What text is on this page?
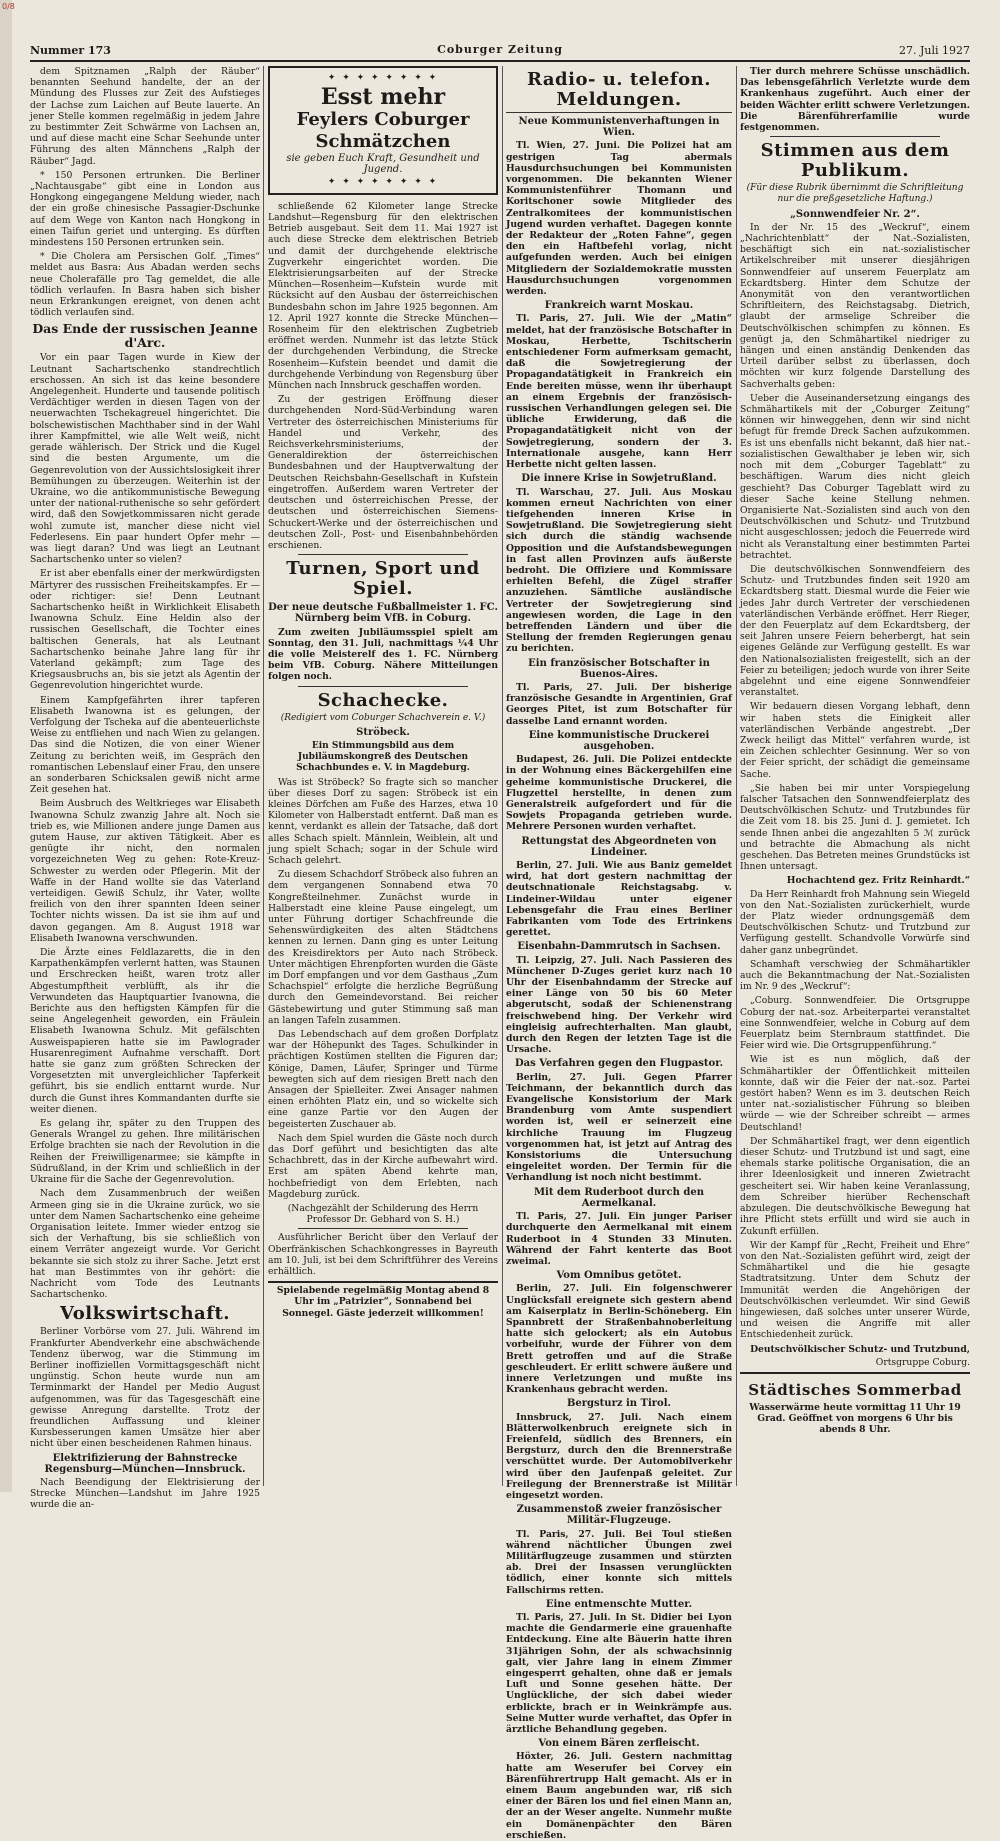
0/8
Nummer 173	Coburger Zeitung	27. Juli 1927

dem Spitznamen „Ralph der Räuber“ benannten Seehund handelte, der an der Mündung des Flusses zur Zeit des Aufstieges der Lachse zum Laichen auf Beute lauerte. An jener Stelle kommen regelmäßig in jedem Jahre zu bestimmter Zeit Schwärme von Lachsen an, und auf diese macht eine Schar Seehunde unter Führung des alten Männchens „Ralph der Räuber“ Jagd.

* 150 Personen ertrunken. Die Berliner „Nachtausgabe“ gibt eine in London aus Hongkong eingegangene Meldung wieder, nach der ein große chinesische Passagier-Dschunke auf dem Wege von Kanton nach Hongkong in einen Taifun geriet und unterging. Es dürften mindestens 150 Personen ertrunken sein.

* Die Cholera am Persischen Golf. „Times“ meldet aus Basra: Aus Abadan werden sechs neue Cholerafälle pro Tag gemeldet, die alle tödlich verlaufen. In Basra haben sich bisher neun Erkrankungen ereignet, von denen acht tödlich verlaufen sind.

Das Ende der russischen Jeanne d'Arc.

Vor ein paar Tagen wurde in Kiew der Leutnant Sachartschenko standrechtlich erschossen. An sich ist das keine besondere Angelegenheit. Hunderte und tausende politisch Verdächtiger werden in diesen Tagen von der neuerwachten Tschekagreuel hingerichtet. Die bolschewistischen Machthaber sind in der Wahl ihrer Kampfmittel, wie alle Welt weiß, nicht gerade wählerisch. Der Strick und die Kugel sind die besten Argumente, um die Gegenrevolution von der Aussichtslosigkeit ihrer Bemühungen zu überzeugen. Weiterhin ist der Ukraine, wo die antikommunistische Bewegung unter der national-ruthenische so sehr gefördert wird, daß den Sowjetkommissaren nicht gerade wohl zumute ist, mancher diese nicht viel Federlesens. Ein paar hundert Opfer mehr — was liegt daran? Und was liegt an Leutnant Sachartschenko unter so vielen?

Er ist aber ebenfalls einer der merkwürdigsten Märtyrer des russischen Freiheitskampfes. Er — oder richtiger: sie! Denn Leutnant Sachartschenko heißt in Wirklichkeit Elisabeth Iwanowna Schulz. Eine Heldin also der russischen Gesellschaft, die Tochter eines baltischen Generals, hat als Leutnant Sachartschenko beinahe Jahre lang für ihr Vaterland gekämpft; zum Tage des Kriegsausbruchs an, bis sie jetzt als Agentin der Gegenrevolution hingerichtet wurde.

Einem Kampfgefährten ihrer tapferen Elisabeth Iwanowna ist es gelungen, der Verfolgung der Tscheka auf die abenteuerlichste Weise zu entfliehen und nach Wien zu gelangen. Das sind die Notizen, die von einer Wiener Zeitung zu berichten weiß, im Gespräch den romantischen Lebenslauf einer Frau, den unsere an sonderbaren Schicksalen gewiß nicht arme Zeit gesehen hat.

Beim Ausbruch des Weltkrieges war Elisabeth Iwanowna Schulz zwanzig Jahre alt. Noch sie trieb es, wie Millionen andere junge Damen aus gutem Hause, zur aktiven Tätigkeit. Aber es genügte ihr nicht, den normalen vorgezeichneten Weg zu gehen: Rote-Kreuz-Schwester zu werden oder Pflegerin. Mit der Waffe in der Hand wollte sie das Vaterland verteidigen. Gewiß Schulz, ihr Vater, wollte freilich von den ihrer spannten Ideen seiner Tochter nichts wissen. Da ist sie ihm auf und davon gegangen. Am 8. August 1918 war Elisabeth Iwanowna verschwunden.

Die Ärzte eines Feldlazaretts, die in den Karpathenkämpfen verlernt hatten, was Staunen und Erschrecken heißt, waren trotz aller Abgestumpftheit verblüfft, als ihr die Verwundeten das Hauptquartier Ivanowna, die Berichte aus den heftigsten Kämpfen für die seine Angelegenheit geworden, ein Fräulein Elisabeth Iwanowna Schulz. Mit gefälschten Ausweispapieren hatte sie im Pawlograder Husarenregiment Aufnahme verschafft. Dort hatte sie ganz zum größten Schrecken der Vorgesetzten mit unvergleichlicher Tapferkeit geführt, bis sie endlich enttarnt wurde. Nur durch die Gunst ihres Kommandanten durfte sie weiter dienen.

Es gelang ihr, später zu den Truppen des Generals Wrangel zu gehen. Ihre militärischen Erfolge brachten sie nach der Revolution in die Reihen der Freiwilligenarmee; sie kämpfte in Südrußland, in der Krim und schließlich in der Ukraine für die Sache der Gegenrevolution.

Nach dem Zusammenbruch der weißen Armeen ging sie in die Ukraine zurück, wo sie unter dem Namen Sachartschenko eine geheime Organisation leitete. Immer wieder entzog sie sich der Verhaftung, bis sie schließlich von einem Verräter angezeigt wurde. Vor Gericht bekannte sie sich stolz zu ihrer Sache. Jetzt erst hat man Bestimmtes von ihr gehört: die Nachricht vom Tode des Leutnants Sachartschenko.

Volkswirtschaft.

Berliner Vorbörse vom 27. Juli. Während im Frankfurter Abendverkehr eine abschwächende Tendenz überwog, war die Stimmung im Berliner inoffiziellen Vormittagsgeschäft nicht ungünstig. Schon heute wurde nun am Terminmarkt der Handel per Medio August aufgenommen, was für das Tagesgeschäft eine gewisse Anregung darstellte. Trotz der freundlichen Auffassung und kleiner Kursbesserungen kamen Umsätze hier aber nicht über einen bescheidenen Rahmen hinaus.

Elektrifizierung der Bahnstrecke Regensburg—München—Innsbruck.

Nach Beendigung der Elektrisierung der Strecke München—Landshut im Jahre 1925 wurde die an-

✦ ✦ ✦ ✦ ✦ ✦ ✦ ✦
Esst mehr
Feylers Coburger Schmätzchen
sie geben Euch Kraft, Gesundheit und Jugend.
✦ ✦ ✦ ✦ ✦ ✦ ✦ ✦

schließende 62 Kilometer lange Strecke Landshut—Regensburg für den elektrischen Betrieb ausgebaut. Seit dem 11. Mai 1927 ist auch diese Strecke dem elektrischen Betrieb und damit der durchgehende elektrische Zugverkehr eingerichtet worden. Die Elektrisierungsarbeiten auf der Strecke München—Rosenheim—Kufstein wurde mit Rücksicht auf den Ausbau der österreichischen Bundesbahn schon im Jahre 1925 begonnen. Am 12. April 1927 konnte die Strecke München—Rosenheim für den elektrischen Zugbetrieb eröffnet werden. Nunmehr ist das letzte Stück der durchgehenden Verbindung, die Strecke Rosenheim—Kufstein beendet und damit die durchgehende Verbindung von Regensburg über München nach Innsbruck geschaffen worden.

Zu der gestrigen Eröffnung dieser durchgehenden Nord-Süd-Verbindung waren Vertreter des österreichischen Ministeriums für Handel und Verkehr, des Reichsverkehrsministeriums, der Generaldirektion der österreichischen Bundesbahnen und der Hauptverwaltung der Deutschen Reichsbahn-Gesellschaft in Kufstein eingetroffen. Außerdem waren Vertreter der deutschen und österreichischen Presse, der deutschen und österreichischen Siemens-Schuckert-Werke und der österreichischen und deutschen Zoll-, Post- und Eisenbahnbehörden erschienen.

Turnen, Sport und Spiel.
Der neue deutsche Fußballmeister 1. FC. Nürnberg beim VfB. in Coburg.

Zum zweiten Jubiläumsspiel spielt am Sonntag, den 31. Juli, nachmittags ¼4 Uhr die volle Meisterelf des 1. FC. Nürnberg beim VfB. Coburg. Nähere Mitteilungen folgen noch.

Schachecke.
(Redigiert vom Coburger Schachverein e. V.)
Ströbeck.
Ein Stimmungsbild aus dem Jubiläumskongreß des Deutschen Schachbundes e. V. in Magdeburg.

Was ist Ströbeck? So fragte sich so mancher über dieses Dorf zu sagen: Ströbeck ist ein kleines Dörfchen am Fuße des Harzes, etwa 10 Kilometer von Halberstadt entfernt. Daß man es kennt, verdankt es allein der Tatsache, daß dort alles Schach spielt. Männlein, Weiblein, alt und jung spielt Schach; sogar in der Schule wird Schach gelehrt.

Zu diesem Schachdorf Ströbeck also fuhren an dem vergangenen Sonnabend etwa 70 Kongreßteilnehmer. Zunächst wurde in Halberstadt eine kleine Pause eingelegt, um unter Führung dortiger Schachfreunde die Sehenswürdigkeiten des alten Städtchens kennen zu lernen. Dann ging es unter Leitung des Kreisdirektors per Auto nach Ströbeck. Unter mächtigen Ehrenpforten wurden die Gäste im Dorf empfangen und vor dem Gasthaus „Zum Schachspiel“ erfolgte die herzliche Begrüßung durch den Gemeindevorstand. Bei reicher Gästebewirtung und guter Stimmung saß man an langen Tafeln zusammen.

Das Lebendschach auf dem großen Dorfplatz war der Höhepunkt des Tages. Schulkinder in prächtigen Kostümen stellten die Figuren dar; Könige, Damen, Läufer, Springer und Türme bewegten sich auf dem riesigen Brett nach den Ansagen der Spielleiter. Zwei Ansager nahmen einen erhöhten Platz ein, und so wickelte sich eine ganze Partie vor den Augen der begeisterten Zuschauer ab.

Nach dem Spiel wurden die Gäste noch durch das Dorf geführt und besichtigten das alte Schachbrett, das in der Kirche aufbewahrt wird. Erst am späten Abend kehrte man, hochbefriedigt von dem Erlebten, nach Magdeburg zurück.

(Nachgezählt der Schilderung des Herrn Professor Dr. Gebhard von S. H.)

Ausführlicher Bericht über den Verlauf der Oberfränkischen Schachkongresses in Bayreuth am 10. Juli, ist bei dem Schriftführer des Vereins erhältlich.

Spielabende regelmäßig Montag abend 8 Uhr im „Patrizier“, Sonnabend bei Sonnegel. Gäste jederzeit willkommen!

Radio- u. telefon. Meldungen.
Neue Kommunistenverhaftungen in Wien.

Tl. Wien, 27. Juni. Die Polizei hat am gestrigen Tag abermals Hausdurchsuchungen bei Kommunisten vorgenommen. Die bekannten Wiener Kommunistenführer Thomann und Koritschoner sowie Mitglieder des Zentralkomitees der kommunistischen Jugend wurden verhaftet. Dagegen konnte der Redakteur der „Roten Fahne“, gegen den ein Haftbefehl vorlag, nicht aufgefunden werden. Auch bei einigen Mitgliedern der Sozialdemokratie mussten Hausdurchsuchungen vorgenommen werden.

Frankreich warnt Moskau.

Tl. Paris, 27. Juli. Wie der „Matin“ meldet, hat der französische Botschafter in Moskau, Herbette, Tschitscherin entschiedener Form aufmerksam gemacht, daß die Sowjetregierung der Propagandatätigkeit in Frankreich ein Ende bereiten müsse, wenn ihr überhaupt an einem Ergebnis der französisch-russischen Verhandlungen gelegen sei. Die übliche Erwiderung, daß die Propagandatätigkeit nicht von der Sowjetregierung, sondern der 3. Internationale ausgehe, kann Herr Herbette nicht gelten lassen.

Die innere Krise in Sowjetrußland.

Tl. Warschau, 27. Juli. Aus Moskau kommen erneut Nachrichten von einer tiefgehenden inneren Krise in Sowjetrußland. Die Sowjetregierung sieht sich durch die ständig wachsende Opposition und die Aufstandsbewegungen in fast allen Provinzen aufs äußerste bedroht. Die Offiziere und Kommissare erhielten Befehl, die Zügel straffer anzuziehen. Sämtliche ausländische Vertreter der Sowjetregierung sind angewiesen worden, die Lage in den betreffenden Ländern und über die Stellung der fremden Regierungen genau zu berichten.

Ein französischer Botschafter in Buenos-Aires.

Tl. Paris, 27. Juli. Der bisherige französische Gesandte in Argentinien, Graf Georges Pitet, ist zum Botschafter für dasselbe Land ernannt worden.

Eine kommunistische Druckerei ausgehoben.

Budapest, 26. Juli. Die Polizei entdeckte in der Wohnung eines Bäckergehilfen eine geheime kommunistische Druckerei, die Flugzettel herstellte, in denen zum Generalstreik aufgefordert und für die Sowjets Propaganda getrieben wurde. Mehrere Personen wurden verhaftet.

Rettungstat des Abgeordneten von Lindeiner.

Berlin, 27. Juli. Wie aus Baniz gemeldet wird, hat dort gestern nachmittag der deutschnationale Reichstagsabg. v. Lindeiner-Wildau unter eigener Lebensgefahr die Frau eines Berliner Fabrikanten vom Tode des Ertrinkens gerettet.

Eisenbahn-Dammrutsch in Sachsen.

Tl. Leipzig, 27. Juli. Nach Passieren des Münchener D-Zuges geriet kurz nach 10 Uhr der Eisenbahndamm der Strecke auf einer Länge von 50 bis 60 Meter abgerutscht, sodaß der Schienenstrang freischwebend hing. Der Verkehr wird eingleisig aufrechterhalten. Man glaubt, durch den Regen der letzten Tage ist die Ursache.

Das Verfahren gegen den Flugpastor.

Berlin, 27. Juli. Gegen Pfarrer Teichmann, der bekanntlich durch das Evangelische Konsistorium der Mark Brandenburg vom Amte suspendiert worden ist, weil er seinerzeit eine kirchliche Trauung im Flugzeug vorgenommen hat, ist jetzt auf Antrag des Konsistoriums die Untersuchung eingeleitet worden. Der Termin für die Verhandlung ist noch nicht bestimmt.

Mit dem Ruderboot durch den Aermelkanal.

Tl. Paris, 27. Juli. Ein junger Pariser durchquerte den Aermelkanal mit einem Ruderboot in 4 Stunden 33 Minuten. Während der Fahrt kenterte das Boot zweimal.

Vom Omnibus getötet.

Berlin, 27. Juli. Ein folgenschwerer Unglücksfall ereignete sich gestern abend am Kaiserplatz in Berlin-Schöneberg. Ein Spannbrett der Straßenbahnoberleitung hatte sich gelockert; als ein Autobus vorbeifuhr, wurde der Führer von dem Brett getroffen und auf die Straße geschleudert. Er erlitt schwere äußere und innere Verletzungen und mußte ins Krankenhaus gebracht werden.

Bergsturz in Tirol.

Innsbruck, 27. Juli. Nach einem Blätterwolkenbruch ereignete sich in Freienfeld, südlich des Brenners, ein Bergsturz, durch den die Brennerstraße verschüttet wurde. Der Automobilverkehr wird über den Jaufenpaß geleitet. Zur Freilegung der Brennerstraße ist Militär eingesetzt worden.

Zusammenstoß zweier französischer Militär-Flugzeuge.

Tl. Paris, 27. Juli. Bei Toul stießen während nächtlicher Übungen zwei Militärflugzeuge zusammen und stürzten ab. Drei der Insassen verunglückten tödlich, einer konnte sich mittels Fallschirms retten.

Eine entmenschte Mutter.

Tl. Paris, 27. Juli. In St. Didier bei Lyon machte die Gendarmerie eine grauenhafte Entdeckung. Eine alte Bäuerin hatte ihren 31jährigen Sohn, der als schwachsinnig galt, vier Jahre lang in einem Zimmer eingesperrt gehalten, ohne daß er jemals Luft und Sonne gesehen hätte. Der Unglückliche, der sich dabei wieder erblickte, brach er in Weinkrämpfe aus. Seine Mutter wurde verhaftet, das Opfer in ärztliche Behandlung gegeben.

Von einem Bären zerfleischt.

Höxter, 26. Juli. Gestern nachmittag hatte am Weserufer bei Corvey ein Bärenführertrupp Halt gemacht. Als er in einem Baum angebunden war, riß sich einer der Bären los und fiel einen Mann an, der an der Weser angelte. Nunmehr mußte ein Domänenpächter den Bären erschießen.

Tier durch mehrere Schüsse unschädlich. Das lebensgefährlich Verletzte wurde dem Krankenhaus zugeführt. Auch einer der beiden Wächter erlitt schwere Verletzungen. Die Bärenführerfamilie wurde festgenommen.

Stimmen aus dem Publikum.
(Für diese Rubrik übernimmt die Schriftleitung nur die preßgesetzliche Haftung.)
„Sonnwendfeier Nr. 2“.

In der Nr. 15 des „Weckruf“, einem „Nachrichtenblatt“ der Nat.-Sozialisten, beschäftigt sich ein nat.-sozialistischer Artikelschreiber mit unserer diesjährigen Sonnwendfeier auf unserem Feuerplatz am Eckardtsberg. Hinter dem Schutze der Anonymität von den verantwortlichen Schriftleitern, des Reichstagsabg. Dietrich, glaubt der armselige Schreiber die Deutschvölkischen schimpfen zu können. Es genügt ja, den Schmähartikel niedriger zu hängen und einen anständig Denkenden das Urteil darüber selbst zu überlassen, doch möchten wir kurz folgende Darstellung des Sachverhalts geben:

Ueber die Auseinandersetzung eingangs des Schmähartikels mit der „Coburger Zeitung“ können wir hinweggehen, denn wir sind nicht befugt für fremde Dreck Sachen aufzukommen. Es ist uns ebenfalls nicht bekannt, daß hier nat.-sozialistischen Gewalthaber je leben wir, sich noch mit dem „Coburger Tageblatt“ zu beschäftigen. Warum dies nicht gleich geschieht? Das Coburger Tageblatt wird zu dieser Sache keine Stellung nehmen. Organisierte Nat.-Sozialisten sind auch von den Deutschvölkischen und Schutz- und Trutzbund nicht ausgeschlossen; jedoch die Feuerrede wird nicht als Veranstaltung einer bestimmten Partei betrachtet.

Die deutschvölkischen Sonnwendfeiern des Schutz- und Trutzbundes finden seit 1920 am Eckardtsberg statt. Diesmal wurde die Feier wie jedes Jahr durch Vertreter der verschiedenen vaterländischen Verbände eröffnet. Herr Rieger, der den Feuerplatz auf dem Eckardtsberg, der seit Jahren unsere Feiern beherbergt, hat sein eigenes Gelände zur Verfügung gestellt. Es war den Nationalsozialisten freigestellt, sich an der Feier zu beteiligen; jedoch wurde von ihrer Seite abgelehnt und eine eigene Sonnwendfeier veranstaltet.

Wir bedauern diesen Vorgang lebhaft, denn wir haben stets die Einigkeit aller vaterländischen Verbände angestrebt. „Der Zweck heiligt das Mittel“ verfahren wurde, ist ein Zeichen schlechter Gesinnung. Wer so von der Feier spricht, der schädigt die gemeinsame Sache.

„Sie haben bei mir unter Vorspiegelung falscher Tatsachen den Sonnwendfeierplatz des Deutschvölkischen Schutz- und Trutzbundes für die Zeit vom 18. bis 25. Juni d. J. gemietet. Ich sende Ihnen anbei die angezahlten 5 ℳ zurück und betrachte die Abmachung als nicht geschehen. Das Betreten meines Grundstücks ist Ihnen untersagt.

Hochachtend gez. Fritz Reinhardt.“

Da Herr Reinhardt froh Mahnung sein Wiegeld von den Nat.-Sozialisten zurückerhielt, wurde der Platz wieder ordnungsgemäß dem Deutschvölkischen Schutz- und Trutzbund zur Verfügung gestellt. Schandvolle Vorwürfe sind daher ganz unbegründet.

Schamhaft verschwieg der Schmähartikler auch die Bekanntmachung der Nat.-Sozialisten im Nr. 9 des „Weckruf“:

„Coburg. Sonnwendfeier. Die Ortsgruppe Coburg der nat.-soz. Arbeiterpartei veranstaltet eine Sonnwendfeier, welche in Coburg auf dem Feuerplatz beim Sternbraum stattfindet. Die Feier wird wie. Die Ortsgruppenführung.“

Wie ist es nun möglich, daß der Schmähartikler der Öffentlichkeit mitteilen konnte, daß wir die Feier der nat.-soz. Partei gestört haben? Wenn es im 3. deutschen Reich unter nat.-sozialistischer Führung so bleiben würde — wie der Schreiber schreibt — armes Deutschland!

Der Schmähartikel fragt, wer denn eigentlich dieser Schutz- und Trutzbund ist und sagt, eine ehemals starke politische Organisation, die an ihrer Ideenlosigkeit und inneren Zwietracht gescheitert sei. Wir haben keine Veranlassung, dem Schreiber hierüber Rechenschaft abzulegen. Die deutschvölkische Bewegung hat ihre Pflicht stets erfüllt und wird sie auch in Zukunft erfüllen.

Wir der Kampf für „Recht, Freiheit und Ehre“ von den Nat.-Sozialisten geführt wird, zeigt der Schmähartikel und die hie gesagte Stadtratsitzung. Unter dem Schutz der Immunität werden die Angehörigen der Deutschvölkischen verleumdet. Wir sind Gewiß hingewiesen, daß solches unter unserer Würde, und weisen die Angriffe mit aller Entschiedenheit zurück.

Deutschvölkischer Schutz- und Trutzbund,

Ortsgruppe Coburg.

Städtisches Sommerbad

Wasserwärme heute vormittag 11 Uhr 19 Grad. Geöffnet von morgens 6 Uhr bis abends 8 Uhr.
